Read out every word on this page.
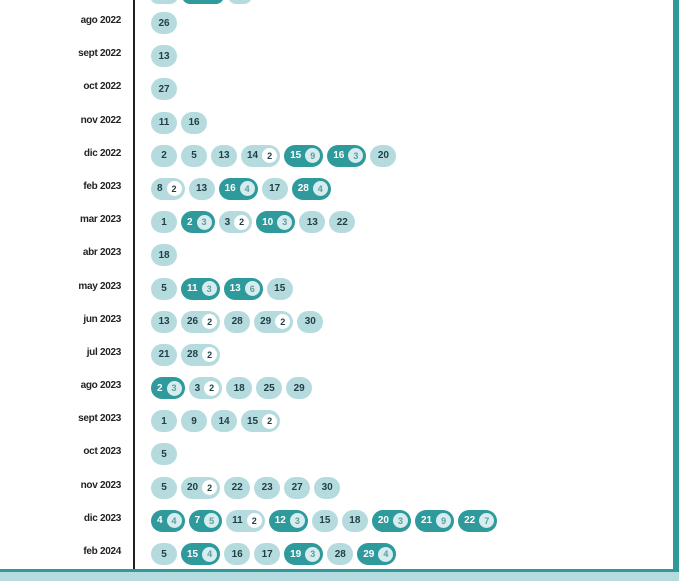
ago 2022	26
sept 2022	13
oct 2022	27
nov 2022	11 16
dic 2022	2 5 13 14 2	15 9	16 3	20
feb 2023	8 2	13 16 4	17 28 4
mar 2023	1 2 3	3 2	10 3	13 22
abr 2023	18
may 2023	5 11 3	13 6	15
jun 2023	13 26 2	28 29 2	30
jul 2023	21 28 2
ago 2023	2 3	3 2	18 25 29
sept 2023	1 9 14 15 2
oct 2023	5
nov 2023	5 20 2	22 23 27 30
dic 2023	4 4	7 5	11 2	12 3	15 18 20 3	21 9	22 7
feb 2024	5 15 4	16 17 19 3	28 29 4
